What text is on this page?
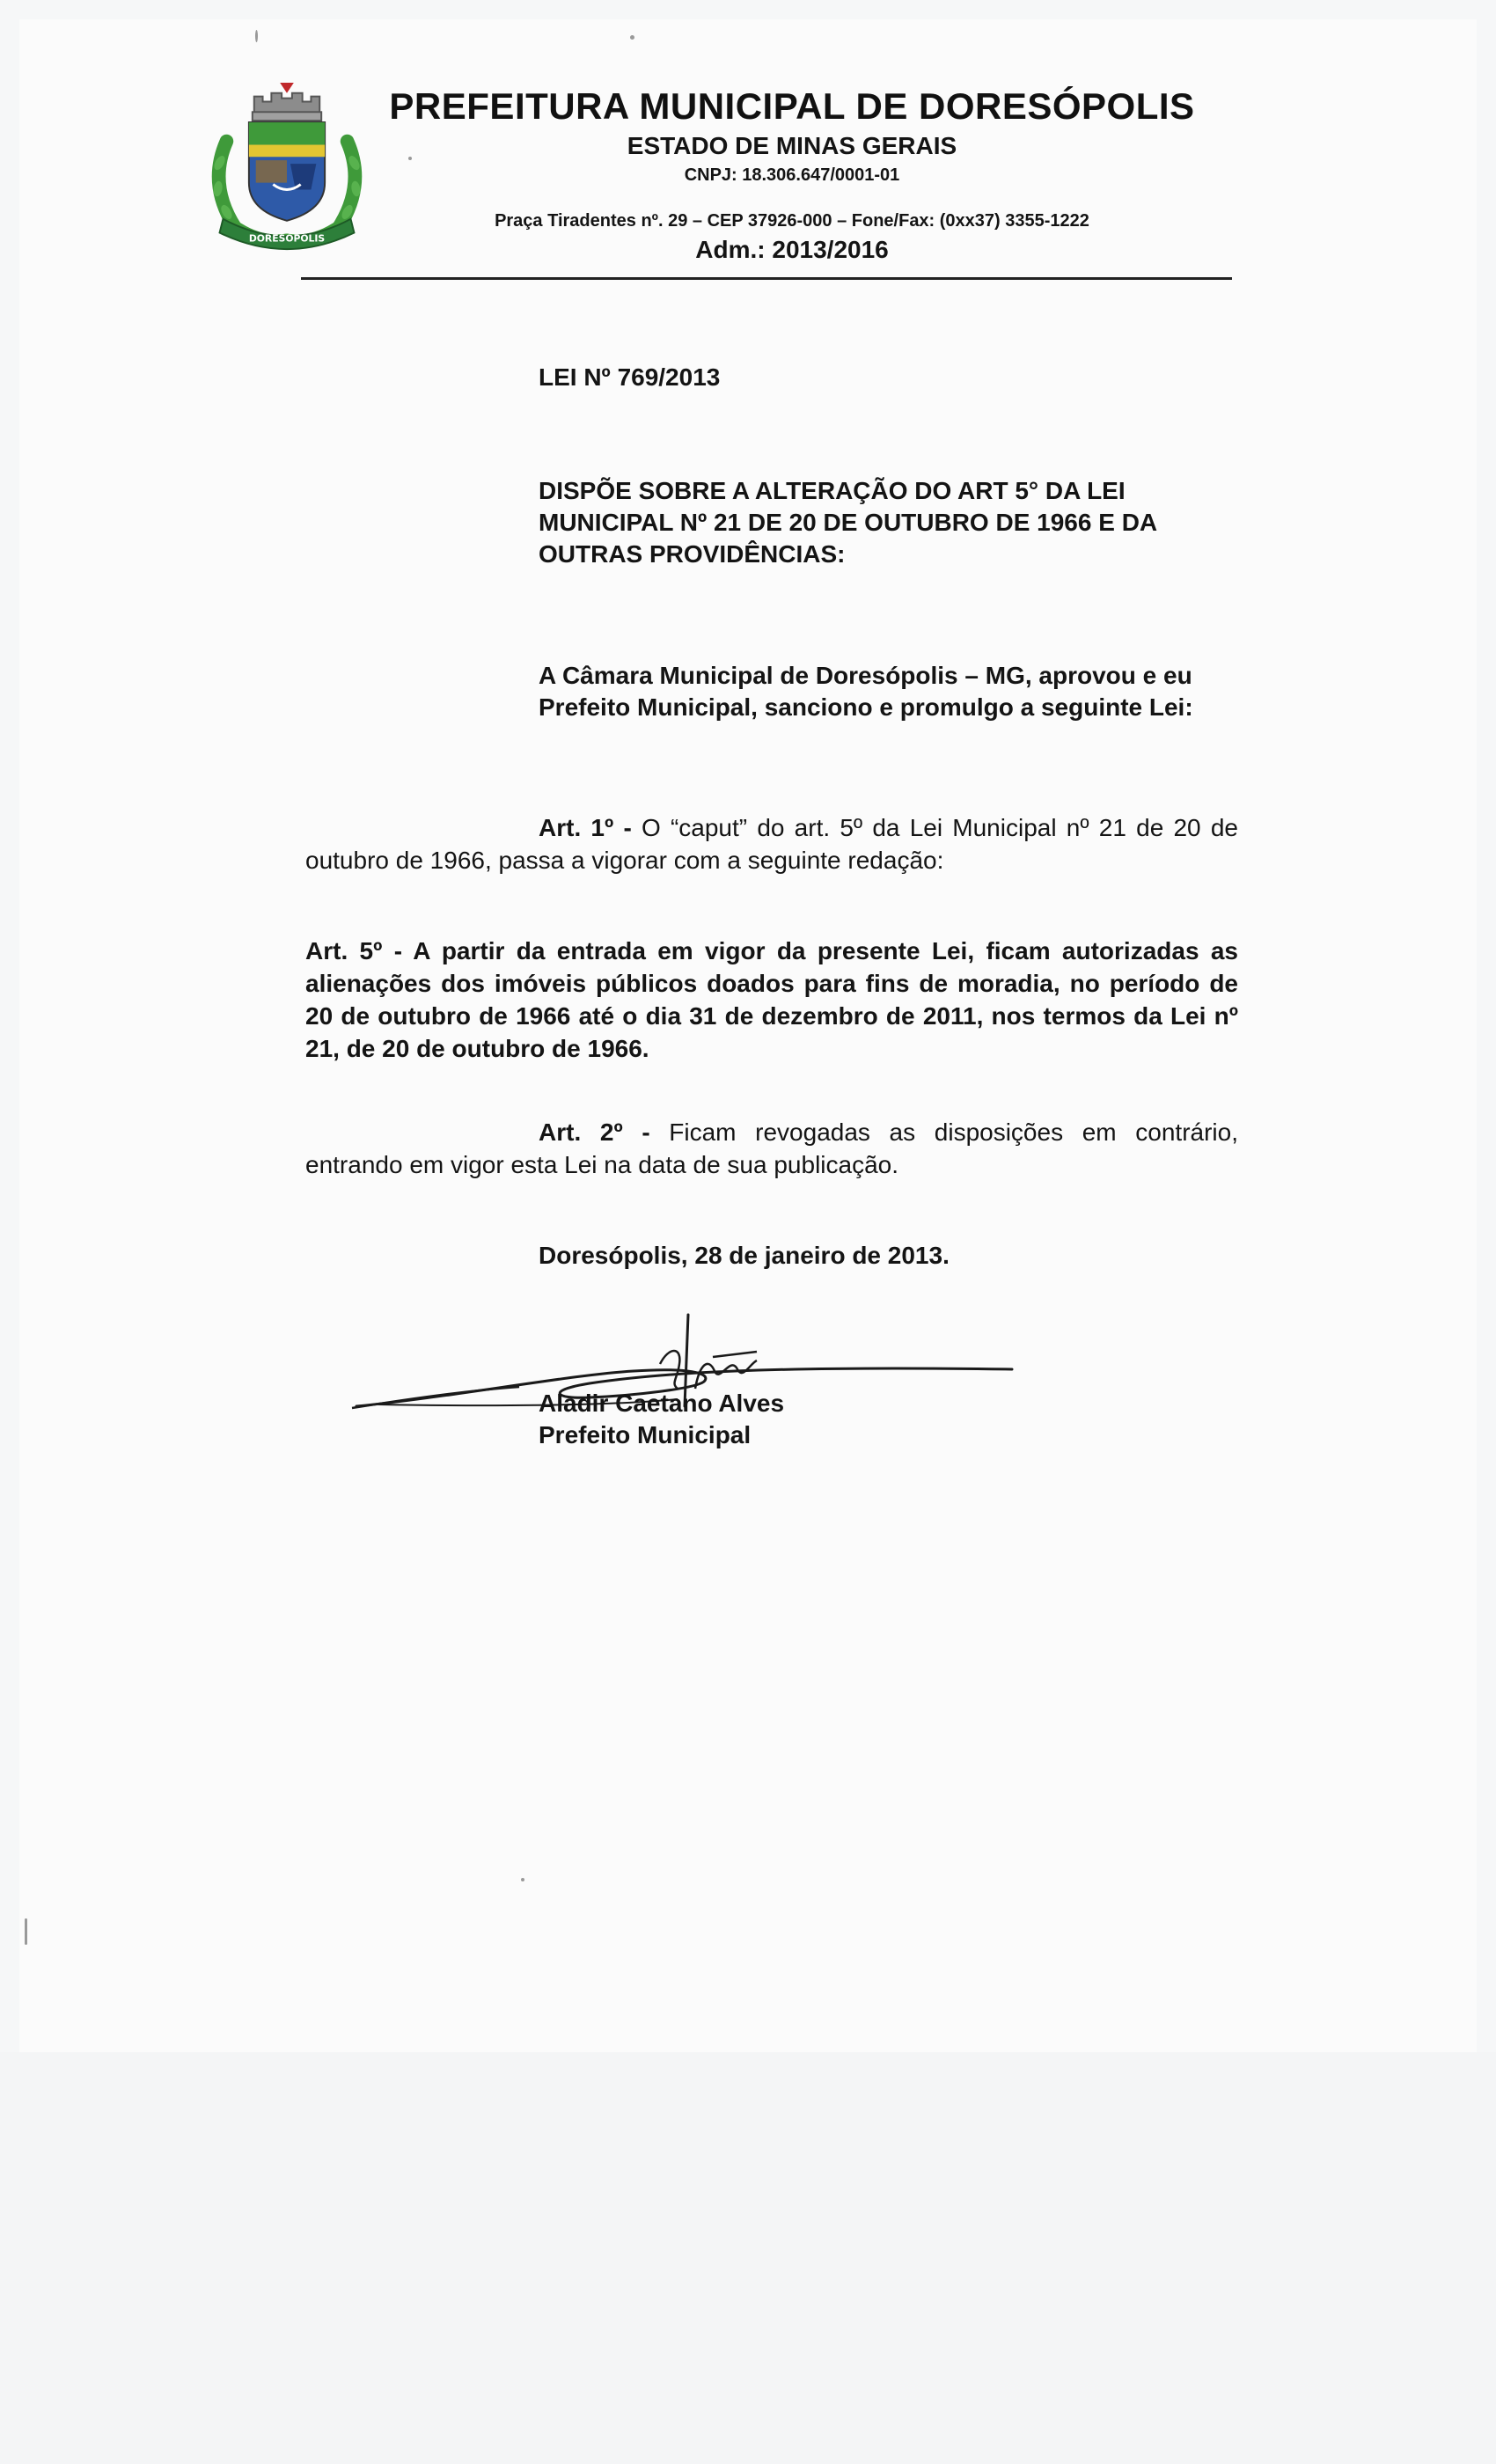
DORESÓPOLIS
PREFEITURA MUNICIPAL DE DORESÓPOLIS
ESTADO DE MINAS GERAIS
CNPJ: 18.306.647/0001-01
Praça Tiradentes nº. 29 – CEP 37926-000 – Fone/Fax: (0xx37) 3355-1222
Adm.: 2013/2016
LEI Nº 769/2013
DISPÕE SOBRE A ALTERAÇÃO DO ART 5° DA LEI MUNICIPAL Nº 21 DE 20 DE OUTUBRO DE 1966 E DA OUTRAS PROVIDÊNCIAS:
A Câmara Municipal de Doresópolis – MG, aprovou e eu Prefeito Municipal, sanciono e promulgo a seguinte Lei:
Art. 1º - O “caput” do art. 5º da Lei Municipal nº 21 de 20 de outubro de 1966, passa a vigorar com a seguinte redação:
Art. 5º - A partir da entrada em vigor da presente Lei, ficam autorizadas as alienações dos imóveis públicos doados para fins de moradia, no período de 20 de outubro de 1966 até o dia 31 de dezembro de 2011, nos termos da Lei nº 21, de 20 de outubro de 1966.
Art. 2º - Ficam revogadas as disposições em contrário, entrando em vigor esta Lei na data de sua publicação.
Doresópolis, 28 de janeiro de 2013.
Aladir Caetano Alves
Prefeito Municipal
